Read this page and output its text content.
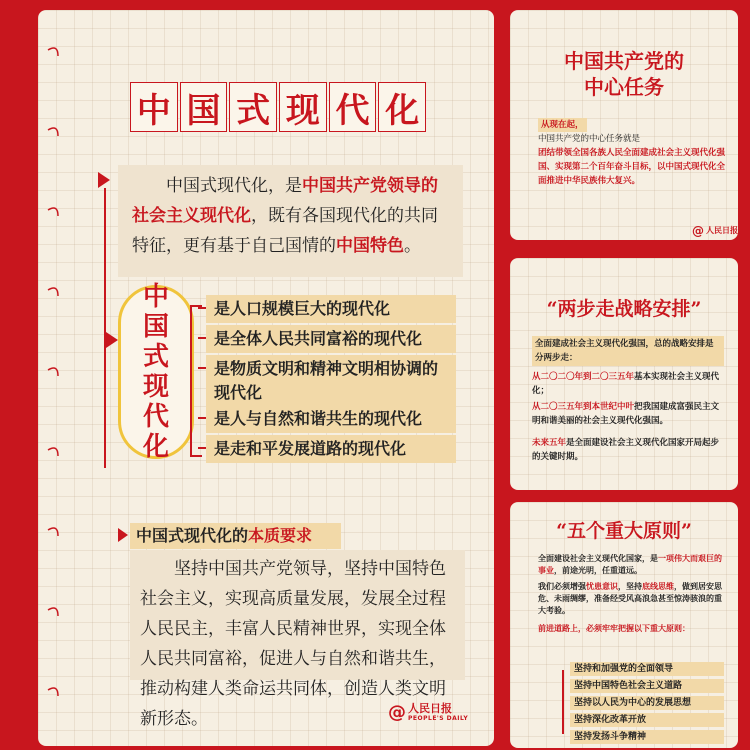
中 国 式 现 代 化
中国式现代化，是中国共产党领导的社会主义现代化，既有各国现代化的共同特征，更有基于自己国情的中国特色。
中
国
式
现
代
化
是人口规模巨大的现代化
是全体人民共同富裕的现代化
是物质文明和精神文明相协调的现代化
是人与自然和谐共生的现代化
是走和平发展道路的现代化
中国式现代化的本质要求
坚持中国共产党领导，坚持中国特色社会主义，实现高质量发展，发展全过程人民民主，丰富人民精神世界，实现全体人民共同富裕，促进人与自然和谐共生，推动构建人类命运共同体，创造人类文明新形态。	@ 人民日报
PEOPLE'S DAILY
中国共产党的
中心任务
从现在起，
中国共产党的中心任务就是
团结带领全国各族人民全面建成社会主义现代化强国、实现第二个百年奋斗目标，以中国式现代化全面推进中华民族伟大复兴。
@ 人民日报
“两步走战略安排”
全面建成社会主义现代化强国，总的战略安排是分两步走：
从二〇二〇年到二〇三五年基本实现社会主义现代化；
从二〇三五年到本世纪中叶把我国建成富强民主文明和谐美丽的社会主义现代化强国。
未来五年是全面建设社会主义现代化国家开局起步的关键时期。
“五个重大原则”
全面建设社会主义现代化国家，是一项伟大而艰巨的事业，前途光明，任重道远。
我们必须增强忧患意识，坚持底线思维，做到居安思危、未雨绸缪，准备经受风高浪急甚至惊涛骇浪的重大考验。
前进道路上，必须牢牢把握以下重大原则：
坚持和加强党的全面领导
坚持中国特色社会主义道路
坚持以人民为中心的发展思想
坚持深化改革开放
坚持发扬斗争精神
